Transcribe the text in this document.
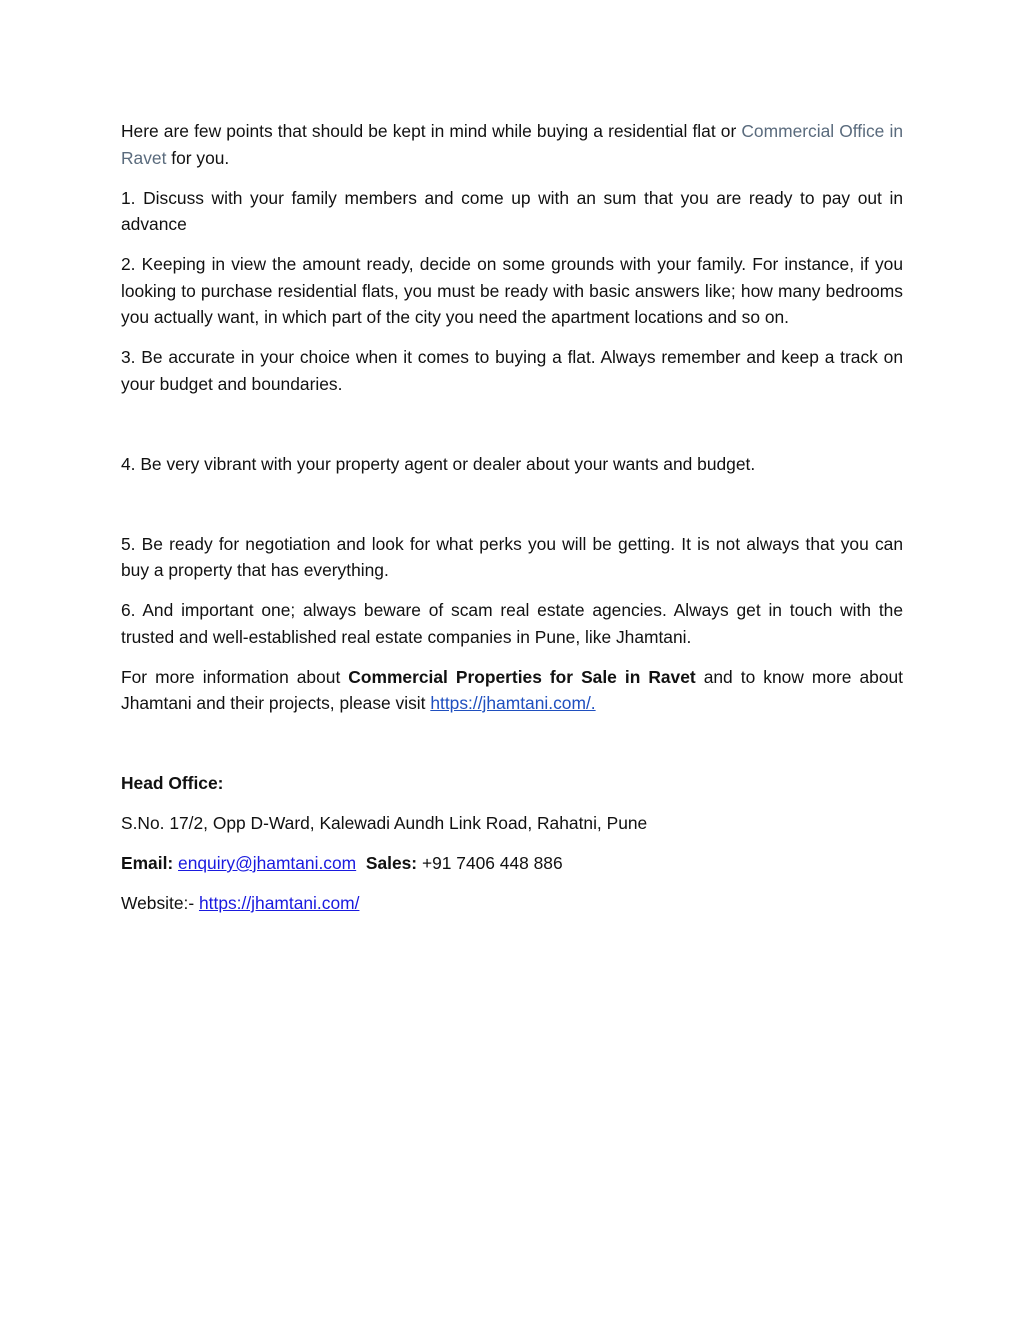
Here are few points that should be kept in mind while buying a residential flat or Commercial Office in Ravet for you.

1. Discuss with your family members and come up with an sum that you are ready to pay out in advance

2. Keeping in view the amount ready, decide on some grounds with your family. For instance, if you looking to purchase residential flats, you must be ready with basic answers like; how many bedrooms you actually want, in which part of the city you need the apartment locations and so on.

3. Be accurate in your choice when it comes to buying a flat. Always remember and keep a track on your budget and boundaries.

4. Be very vibrant with your property agent or dealer about your wants and budget.

5. Be ready for negotiation and look for what perks you will be getting. It is not always that you can buy a property that has everything.

6. And important one; always beware of scam real estate agencies. Always get in touch with the trusted and well-established real estate companies in Pune, like Jhamtani.

For more information about Commercial Properties for Sale in Ravet and to know more about Jhamtani and their projects, please visit https://jhamtani.com/.

Head Office:

S.No. 17/2, Opp D-Ward, Kalewadi Aundh Link Road, Rahatni, Pune

Email: enquiry@jhamtani.com Sales: +91 7406 448 886

Website:- https://jhamtani.com/
